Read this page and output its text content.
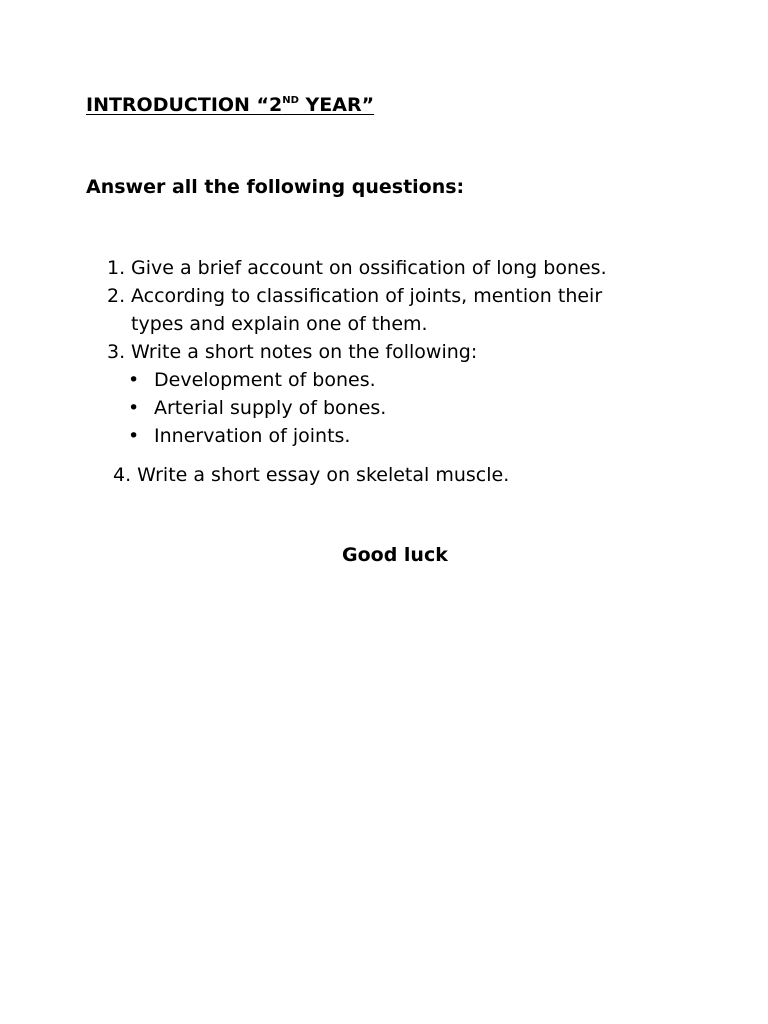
INTRODUCTION “2ND YEAR”

Answer all the following questions:

1. Give a brief account on ossification of long bones.
2. According to classification of joints, mention their types and explain one of them.
3. Write a short notes on the following:
• Development of bones.
• Arterial supply of bones.
• Innervation of joints.
4. Write a short essay on skeletal muscle.
Good luck
